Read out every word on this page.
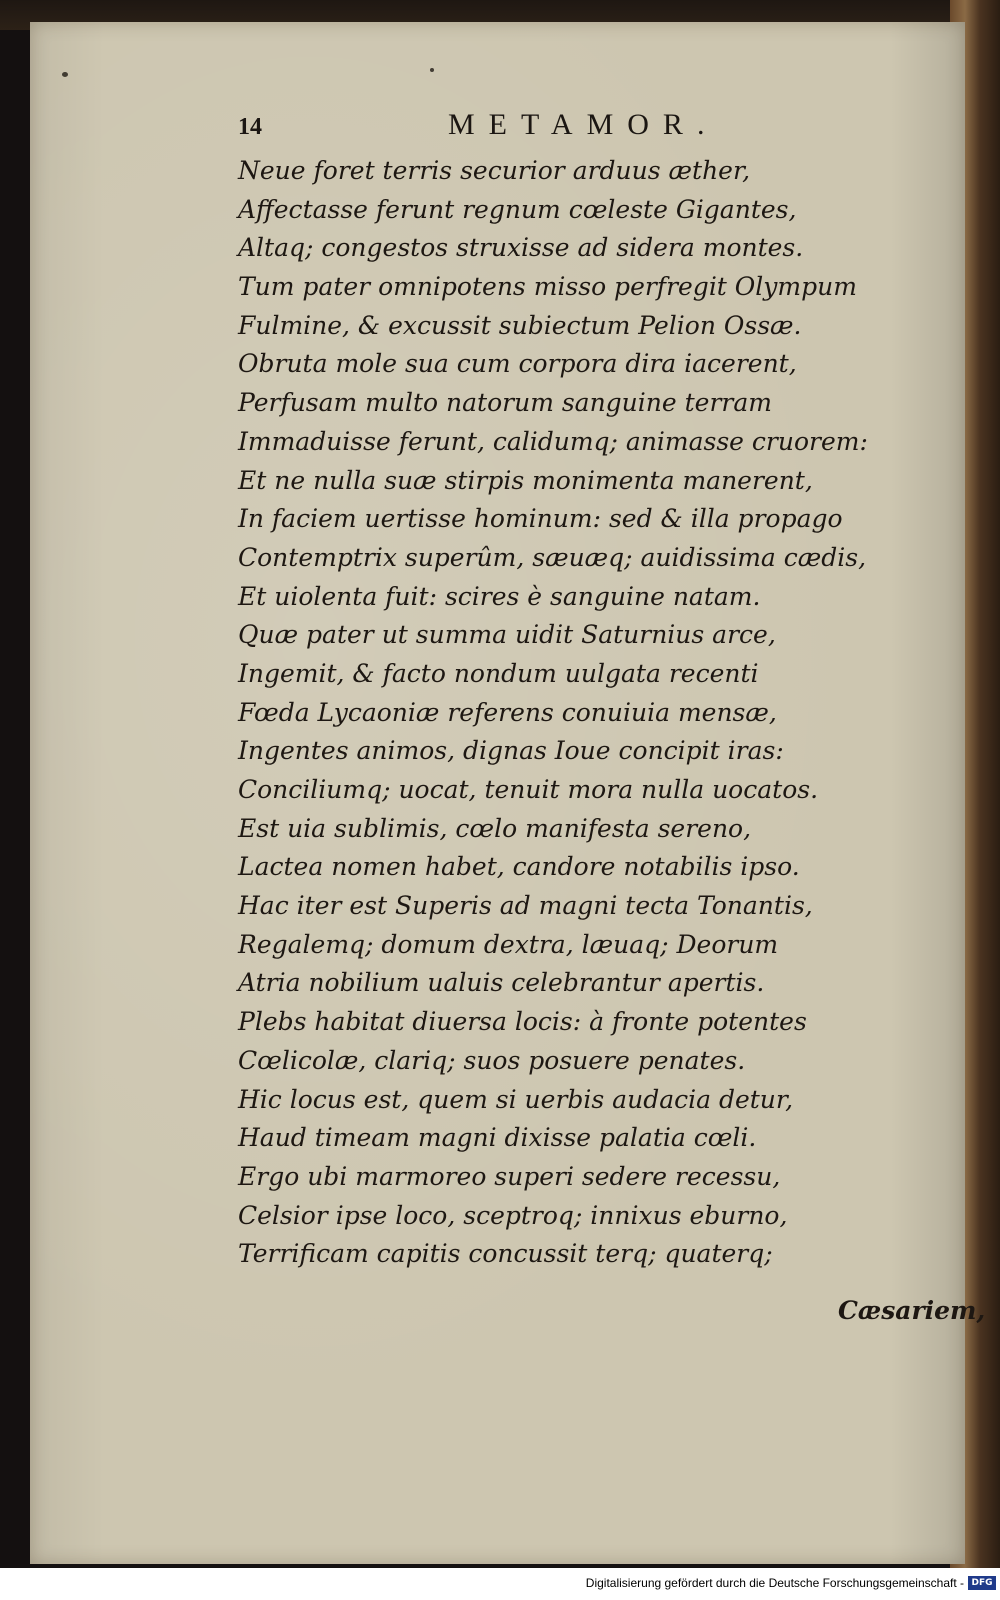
14	METAMOR.
Neue foret terris securior arduus æther,
Affectasse ferunt regnum cœleste Gigantes,
Altaq; congestos struxisse ad sidera montes.
Tum pater omnipotens misso perfregit Olympum
Fulmine, & excussit subiectum Pelion Ossæ.
Obruta mole sua cum corpora dira iacerent,
Perfusam multo natorum sanguine terram
Immaduisse ferunt, calidumq; animasse cruorem:
Et ne nulla suæ stirpis monimenta manerent,
In faciem uertisse hominum: sed & illa propago
Contemptrix superûm, sæuæq; auidissima cædis,
Et uiolenta fuit: scires è sanguine natam.
Quæ pater ut summa uidit Saturnius arce,
Ingemit, & facto nondum uulgata recenti
Fœda Lycaoniæ referens conuiuia mensæ,
Ingentes animos, dignas Ioue concipit iras:
Conciliumq; uocat, tenuit mora nulla uocatos.
Est uia sublimis, cœlo manifesta sereno,
Lactea nomen habet, candore notabilis ipso.
Hac iter est Superis ad magni tecta Tonantis,
Regalemq; domum dextra, læuaq; Deorum
Atria nobilium ualuis celebrantur apertis.
Plebs habitat diuersa locis: à fronte potentes
Cœlicolæ, clariq; suos posuere penates.
Hic locus est, quem si uerbis audacia detur,
Haud timeam magni dixisse palatia cœli.
Ergo ubi marmoreo superi sedere recessu,
Celsior ipse loco, sceptroq; innixus eburno,
Terrificam capitis concussit terq; quaterq;
Cæsariem,
Digitalisierung gefördert durch die Deutsche Forschungsgemeinschaft - DFG
